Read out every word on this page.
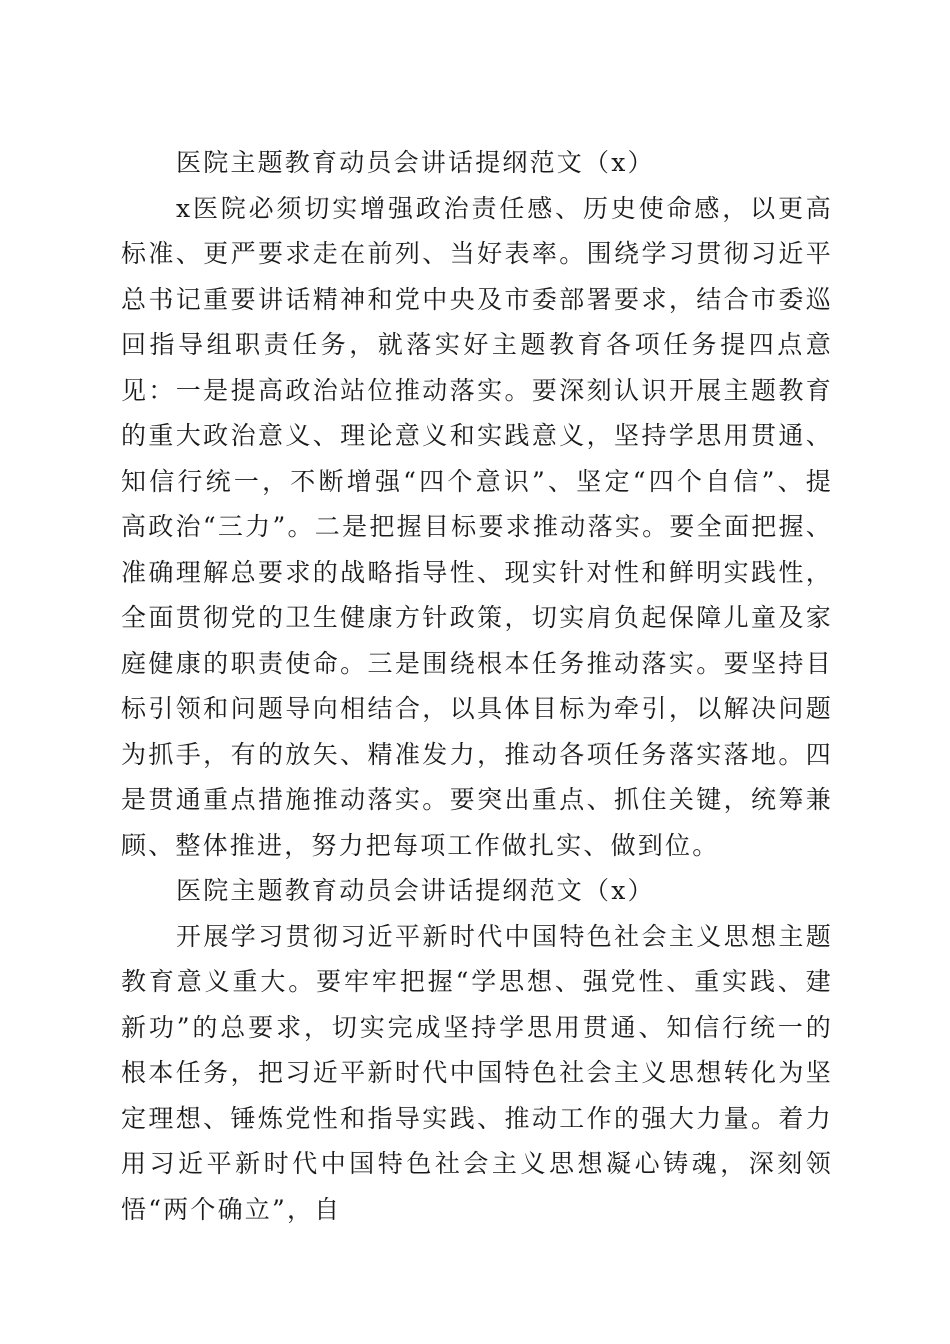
医院主题教育动员会讲话提纲范文（x）

x医院必须切实增强政治责任感、历史使命感，以更高标准、更严要求走在前列、当好表率。围绕学习贯彻习近平总书记重要讲话精神和党中央及市委部署要求，结合市委巡回指导组职责任务，就落实好主题教育各项任务提四点意见：一是提高政治站位推动落实。要深刻认识开展主题教育的重大政治意义、理论意义和实践意义，坚持学思用贯通、知信行统一，不断增强“四个意识”、坚定“四个自信”、提高政治“三力”。二是把握目标要求推动落实。要全面把握、准确理解总要求的战略指导性、现实针对性和鲜明实践性，全面贯彻党的卫生健康方针政策，切实肩负起保障儿童及家庭健康的职责使命。三是围绕根本任务推动落实。要坚持目标引领和问题导向相结合，以具体目标为牵引，以解决问题为抓手，有的放矢、精准发力，推动各项任务落实落地。四是贯通重点措施推动落实。要突出重点、抓住关键，统筹兼顾、整体推进，努力把每项工作做扎实、做到位。

医院主题教育动员会讲话提纲范文（x）

开展学习贯彻习近平新时代中国特色社会主义思想主题教育意义重大。要牢牢把握“学思想、强党性、重实践、建新功”的总要求，切实完成坚持学思用贯通、知信行统一的根本任务，把习近平新时代中国特色社会主义思想转化为坚定理想、锤炼党性和指导实践、推动工作的强大力量。着力用习近平新时代中国特色社会主义思想凝心铸魂，深刻领悟“两个确立”，自
